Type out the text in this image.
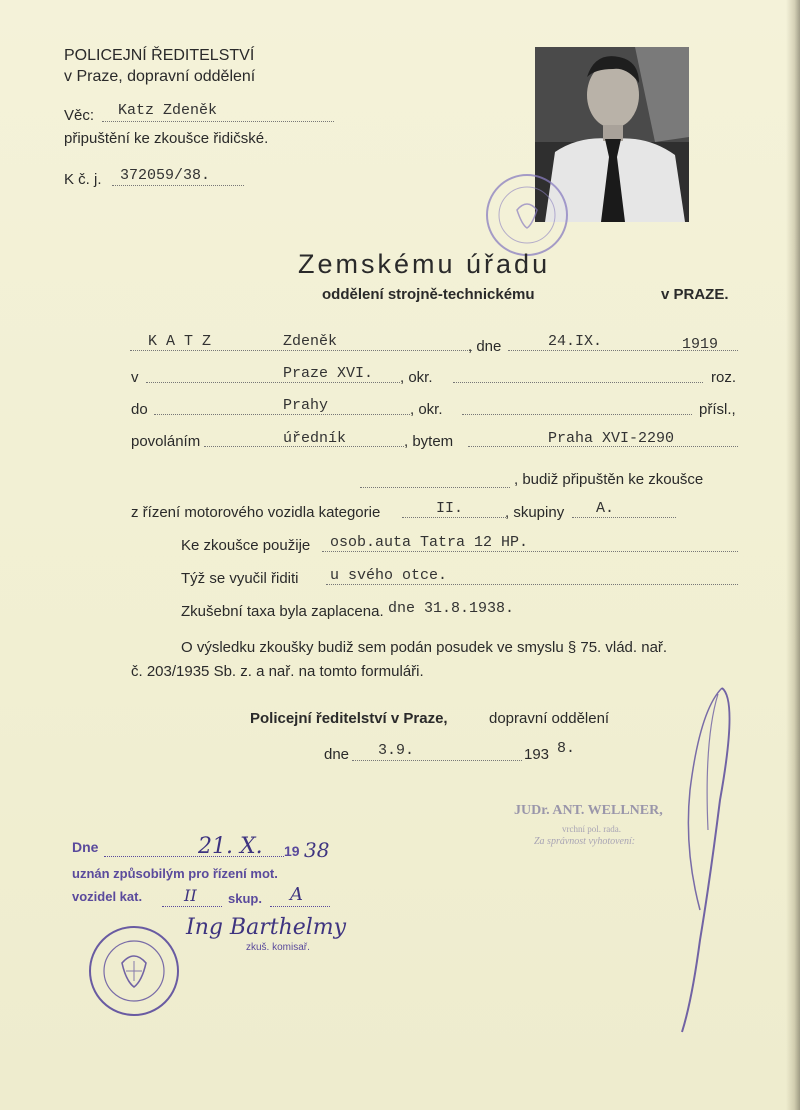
POLICEJNÍ ŘEDITELSTVÍ
v Praze, dopravní oddělení
Věc: Katz Zdeněk
připuštění ke zkoušce řidičské.
K č. j. 372059/38.
Zemskému úřadu
oddělení strojně-technickému	v PRAZE.
K A T Z	Zdeněk	, dne	24.IX.	1919
v	Praze XVI. , okr.	roz.
do	Prahy	, okr.	přísl.,
povoláním	úředník	, bytem	Praha XVI-2290
, budiž připuštěn ke zkoušce
z řízení motorového vozidla kategorie	II.	, skupiny A.
Ke zkoušce použije osob.auta Tatra 12 HP.
Týž se vyučil řiditi u svého otce.
Zkušební taxa byla zaplacena. dne 31.8.1938.
O výsledku zkoušky budiž sem podán posudek ve smyslu § 75. vlád. nař.
č. 203/1935 Sb. z. a nař. na tomto formuláři.
Policejní ředitelství v Praze,	dopravní oddělení
dne 3.9.	193 8.
JUDr. ANT. WELLNER,
vrchní pol. rada.
Za správnost vyhotovení:
Dne	21. X. 19 38
uznán způsobilým pro řízení mot.
vozidel kat.	II skup. A
Ing Barthelmy
zkuš. komisař.
